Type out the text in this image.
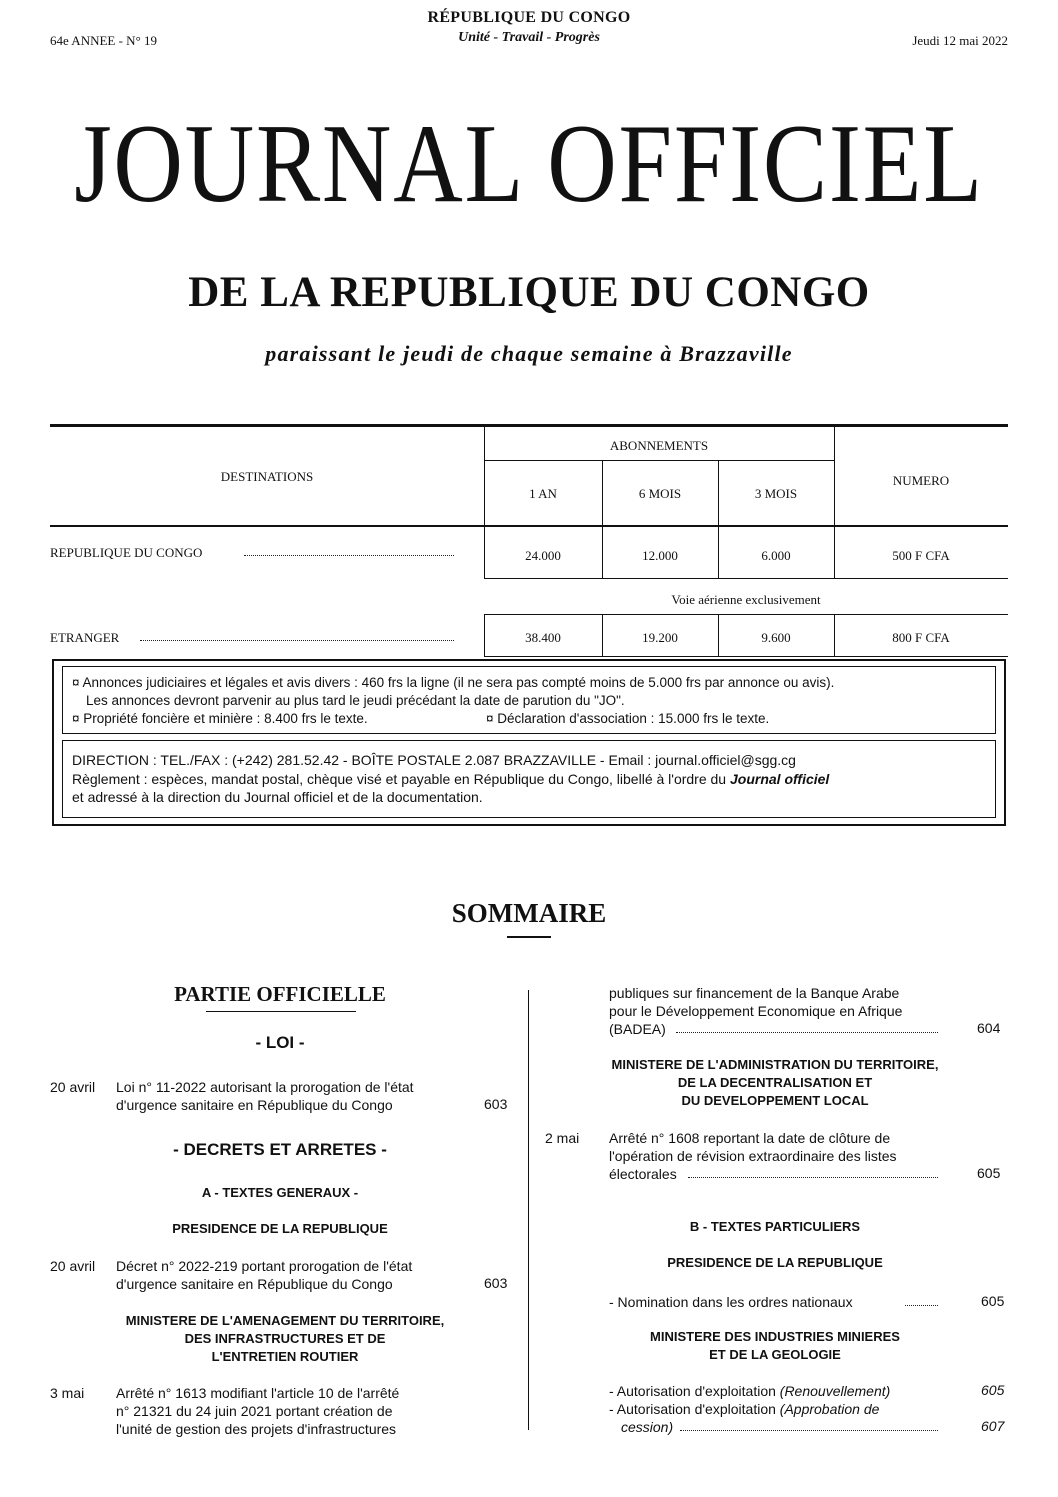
RÉPUBLIQUE DU CONGO
Unité - Travail - Progrès
64e ANNEE - N° 19	Jeudi 12 mai 2022
JOURNAL OFFICIEL
DE LA REPUBLIQUE DU CONGO
paraissant le jeudi de chaque semaine à Brazzaville
DESTINATIONS
ABONNEMENTS
NUMERO
1 AN	6 MOIS	3 MOIS
REPUBLIQUE DU CONGO	24.000	12.000	6.000	500 F CFA
Voie aérienne exclusivement
ETRANGER	38.400	19.200	9.600	800 F CFA
¤ Annonces judiciaires et légales et avis divers : 460 frs la ligne (il ne sera pas compté moins de 5.000 frs par annonce ou avis).
Les annonces devront parvenir au plus tard le jeudi précédant la date de parution du "JO".
¤ Propriété foncière et minière : 8.400 frs le texte.	¤ Déclaration d'association : 15.000 frs le texte.
DIRECTION : TEL./FAX : (+242) 281.52.42 - BOÎTE POSTALE 2.087 BRAZZAVILLE - Email : journal.officiel@sgg.cg
Règlement : espèces, mandat postal, chèque visé et payable en République du Congo, libellé à l'ordre du Journal officiel
et adressé à la direction du Journal officiel et de la documentation.
SOMMAIRE
PARTIE OFFICIELLE
- LOI -
20 avril Loi n° 11-2022 autorisant la prorogation de l'état
d'urgence sanitaire en République du Congo	603
- DECRETS ET ARRETES -
A - TEXTES GENERAUX -
PRESIDENCE DE LA REPUBLIQUE
20 avril Décret n° 2022-219 portant prorogation de l'état
d'urgence sanitaire en République du Congo	603
MINISTERE DE L'AMENAGEMENT DU TERRITOIRE,
DES INFRASTRUCTURES ET DE
L'ENTRETIEN ROUTIER
3 mai Arrêté n° 1613 modifiant l'article 10 de l'arrêté
n° 21321 du 24 juin 2021 portant création de
l'unité de gestion des projets d'infrastructures
publiques sur financement de la Banque Arabe
pour le Développement Economique en Afrique
(BADEA)	604
MINISTERE DE L'ADMINISTRATION DU TERRITOIRE,
DE LA DECENTRALISATION ET
DU DEVELOPPEMENT LOCAL
2 mai Arrêté n° 1608 reportant la date de clôture de
l'opération de révision extraordinaire des listes
électorales	605
B - TEXTES PARTICULIERS
PRESIDENCE DE LA REPUBLIQUE
- Nomination dans les ordres nationaux	605
MINISTERE DES INDUSTRIES MINIERES
ET DE LA GEOLOGIE
- Autorisation d'exploitation (Renouvellement)	605
- Autorisation d'exploitation (Approbation de
cession)	607
